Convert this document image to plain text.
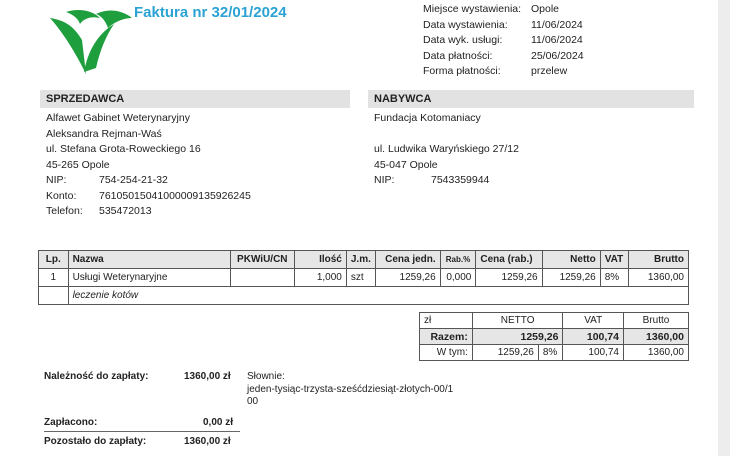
Faktura nr 32/01/2024	Miejsce wystawienia:	Opole
Data wystawienia:	11/06/2024
Data wyk. usługi:	11/06/2024
Data płatności:	25/06/2024
Forma płatności:	przelew
SPRZEDAWCA
Alfawet Gabinet Weterynaryjny
Aleksandra Rejman-Waś
ul. Stefana Grota-Roweckiego 16
45-265 Opole
NIP:	754-254-21-32
Konto: 76105015041000009135926245
Telefon: 535472013
NABYWCA
Fundacja Kotomaniacy

ul. Ludwika Waryńskiego 27/12
45-047 Opole
NIP:	7543359944
Lp.	Nazwa	PKWiU/CN	Ilość	J.m.	Cena jedn.	Rab.%	Cena (rab.)	Netto	VAT	Brutto
1	Usługi Weterynaryjne		1,000	szt	1259,26	0,000	1259,26	1259,26	8%	1360,00
	leczenie kotów									
zł	NETTO		VAT	Brutto
Razem:	1259,26		100,74	1360,00
W tym:	1259,26	8%	100,74	1360,00
Należność do zapłaty:	1360,00 zł Słownie:
jeden-tysiąc-trzysta-sześćdziesiąt-złotych-00/1
00
Zapłacono:	0,00 zł
Pozostało do zapłaty:	1360,00 zł
